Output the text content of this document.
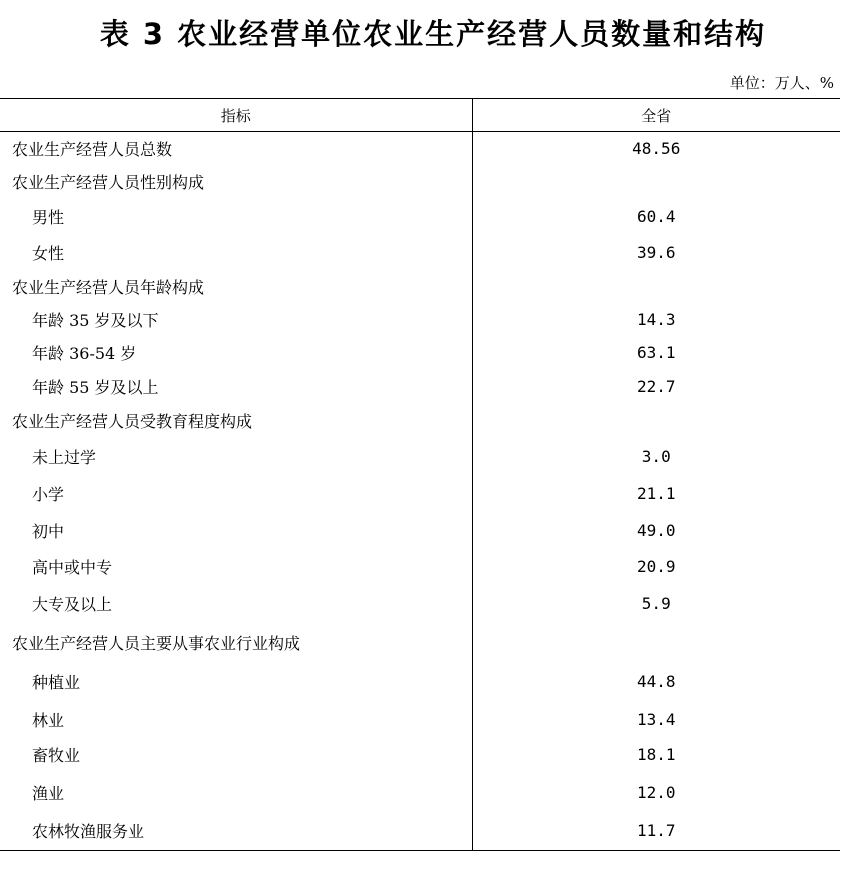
表 3 农业经营单位农业生产经营人员数量和结构
单位：万人、%
指标	全省
农业生产经营人员总数	48.56
农业生产经营人员性别构成	
男性	60.4
女性	39.6
农业生产经营人员年龄构成	
年龄 35 岁及以下	14.3
年龄 36-54 岁	63.1
年龄 55 岁及以上	22.7
农业生产经营人员受教育程度构成	
未上过学	3.0
小学	21.1
初中	49.0
高中或中专	20.9
大专及以上	5.9
农业生产经营人员主要从事农业行业构成	
种植业	44.8
林业	13.4
畜牧业	18.1
渔业	12.0
农林牧渔服务业	11.7
